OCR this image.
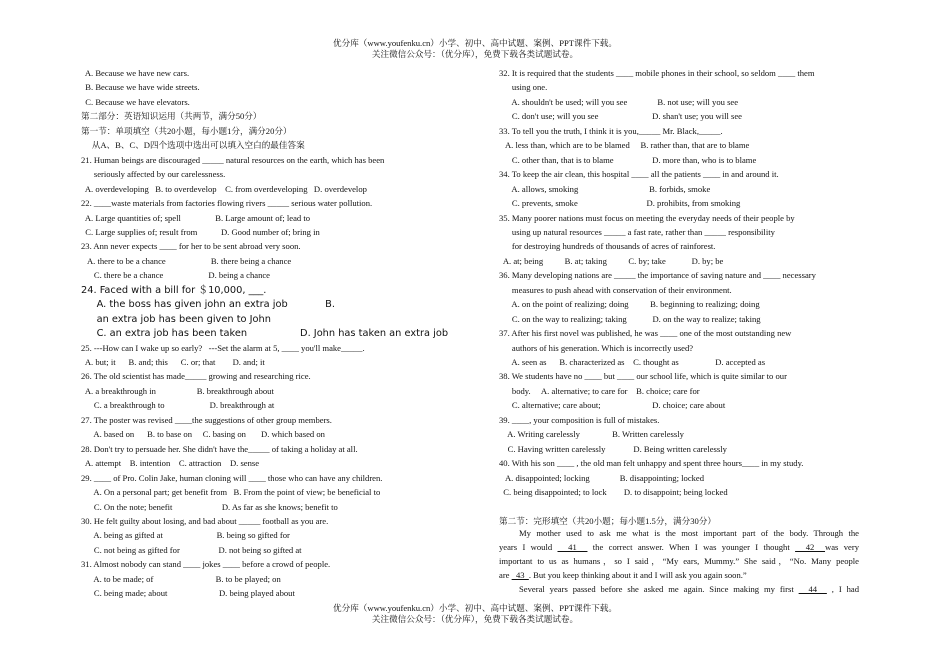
优分库（www.youfenku.cn）小学、初中、高中试题、案例、PPT课件下载。
关注微信公众号：（优分库），免费下载各类试题试卷。
A. Because we have new cars.
B. Because we have wide streets.
C. Because we have elevators.
第二部分：英语知识运用（共两节，满分50分）
第一节：单项填空（共20小题，每小题1分，满分20分）
从A、B、C、D四个选项中选出可以填入空白的最佳答案
21. Human beings are discouraged _____ natural resources on the earth, which has been
seriously affected by our carelessness.
A. overdeveloping   B. to overdevelop    C. from overdeveloping   D. overdevelop
22. ____waste materials from factories flowing rivers _____ serious water pollution.
A. Large quantities of; spell                B. Large amount of; lead to
C. Large supplies of; result from           D. Good number of; bring in
23. Ann never expects ____ for her to be sent abroad very soon.
A. there to be a chance                     B. there being a chance
C. there be a chance                     D. being a chance
24. Faced with a bill for ＄10,000, ___.
A. the boss has given john an extra job            B.
an extra job has been given to John
C. an extra job has been taken                 D. John has taken an extra job
25. ---How can I wake up so early?   ---Set the alarm at 5, ____ you'll make_____.
A. but; it      B. and; this      C. or; that        D. and; it
26. The old scientist has made_____ growing and researching rice.
A. a breakthrough in                   B. breakthrough about
C. a breakthrough to                     D. breakthrough at
27. The poster was revised ____the suggestions of other group members.
A. based on      B. to base on     C. basing on       D. which based on
28. Don't try to persuade her. She didn't have the_____ of taking a holiday at all.
A. attempt    B. intention    C. attraction    D. sense
29. ____ of Pro. Colin Jake, human cloning will ____ those who can have any children.
A. On a personal part; get benefit from   B. From the point of view; be beneficial to
C. On the note; benefit                       D. As far as she knows; benefit to
30. He felt guilty about losing, and bad about _____ football as you are.
A. being as gifted at                         B. being so gifted for
C. not being as gifted for                  D. not being so gifted at
31. Almost nobody can stand ____ jokes ____ before a crowd of people.
A. to be made; of                             B. to be played; on
C. being made; about                        D. being played about
32. It is required that the students ____ mobile phones in their school, so seldom ____ them
using one.
A. shouldn't be used; will you see              B. not use; will you see
C. don't use; will you see                         D. shan't use; you will see
33. To tell you the truth, I think it is you,_____ Mr. Black,_____.
A. less than, which are to be blamed     B. rather than, that are to blame
C. other than, that is to blame                  D. more than, who is to blame
34. To keep the air clean, this hospital ____ all the patients ____ in and around it.
A. allows, smoking                                 B. forbids, smoke
C. prevents, smoke                                D. prohibits, from smoking
35. Many poorer nations must focus on meeting the everyday needs of their people by
using up natural resources _____ a fast rate, rather than _____ responsibility
for destroying hundreds of thousands of acres of rainforest.
A. at; being          B. at; taking          C. by; take            D. by; be
36. Many developing nations are _____ the importance of saving nature and ____ necessary
measures to push ahead with conservation of their environment.
A. on the point of realizing; doing          B. beginning to realizing; doing
C. on the way to realizing; taking            D. on the way to realize; taking
37. After his first novel was published, he was ____ one of the most outstanding new
authors of his generation. Which is incorrectly used?
A. seen as      B. characterized as    C. thought as                 D. accepted as
38. We students have no ____ but ____ our school life, which is quite similar to our
body.     A. alternative; to care for    B. choice; care for
C. alternative; care about;                        D. choice; care about
39. ____, your composition is full of mistakes.
A. Writing carelessly               B. Written carelessly
C. Having written carelessly             D. Being written carelessly
40. With his son ____ , the old man felt unhappy and spent three hours____ in my study.
A. disappointed; locking              B. disappointing; locked
C. being disappointed; to lock        D. to disappoint; being locked
第二节：完形填空（共20小题；每小题1.5分，满分30分）
My mother used to ask me what is the most important part of the body. Through the
years I would   41   the correct answer. When I was younger I thought   42  was very
important to us as humans，so I said，“My ears, Mummy.” She said，“No. Many people
are   43  . But you keep thinking about it and I will ask you again soon.”
Several years passed before she asked me again. Since making my first   44   , I had
优分库（www.youfenku.cn）小学、初中、高中试题、案例、PPT课件下载。
关注微信公众号：（优分库），免费下载各类试题试卷。
